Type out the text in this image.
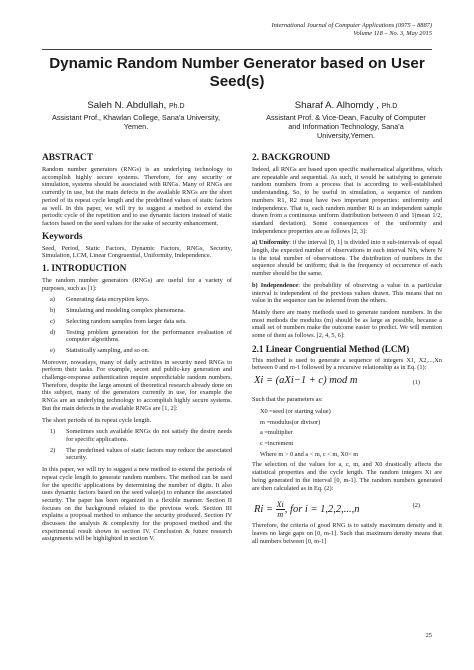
International Journal of Computer Applications (0975 – 8887)
Volume 118 – No. 3, May 2015
Dynamic Random Number Generator based on User Seed(s)
Saleh N. Abdullah, Ph.D
Assistant Prof., Khawlan College, Sana'a University,
Yemen.
Sharaf A. Alhomdy , Ph.D
Assistant Prof. & Vice-Dean, Faculty of Computer
and Information Technology, Sana'a
University,Yemen.
ABSTRACT

Random number generators (RNGs) is an underlying technology to accomplish highly secure systems. Therefore, for any security or simulation, systems should be associated with RNGs. Many of RNGs are currently in use, but the main defects in the available RNGs are the short period of its repeat cycle length and the predefined values of static factors as well. In this paper, we will try to suggest a method to extend the periodic cycle of the repetition and to use dynamic factors instead of static factors based on the seed values for the sake of security enhancement.

Keywords

Seed, Period, Static Factors, Dynamic Factors, RNGs, Security, Simulation, LCM, Linear Congruential, Uniformity, Independence.

1. INTRODUCTION

The random number generators (RNGs) are useful for a variety of purposes, such as [1]:

a) Generating data encryption keys.
b) Simulating and modeling complex phenomena.
c) Selecting random samples from larger data sets.
d) Testing problem generation for the performance evaluation of computer algorithms.
e) Statistically sampling, and so on.

Moreover, nowadays, many of daily activities in security need RNGs to perform their tasks. For example, secret and public-key generation and challenge-response authentication require unpredictable random numbers. Therefore, despite the large amount of theoretical research already done on this subject, many of the generators currently in use, for example the RNGs are an underlying technology to accomplish highly secure systems. But the main defects in the available RNGs are [1, 2]:

The short periods of its repeat cycle length.

1) Sometimes such available RNGs do not satisfy the desire needs for specific applications.
2) The predefined values of static factors may reduce the associated security.

In this paper, we will try to suggest a new method to extend the periods of repeat cycle length to generate random numbers. The method can be used for the specific applications by determining the number of digits. It also uses dynamic factors based on the seed value(s) to enhance the associated security. The paper has been organized in a flexible manner. Section II focuses on the background related to the previous work. Section III explains a proposal method to enhance the security produced. Section IV discusses the analysis & complexity for the proposed method and the experimental result shown in section IV. Conclusion & future research assignments will be highlighted in section V.

2. BACKGROUND

Indeed, all RNGs are based upon specific mathematical algorithms, which are repeatable and sequential. As such, it would be satisfying to generate random numbers from a process that is according to well-established understanding. So, to be useful in simulation, a sequence of random numbers R1, R2 must have two important properties: uniformity and independence. That is, each random number Ri is an independent sample drawn from a continuous uniform distribution between 0 and 1(mean 1/2, standard deviation). Some consequences of the uniformity and independence properties are as follows [2, 3]:

a) Uniformity: if the interval [0, 1] is divided into n sub-intervals of equal length, the expected number of observations in each interval N/n, where N is the total number of observations. The distribution of numbers in the sequence should be uniform; that is the frequency of occurrence of each number should be the same.

b) Independence: the probability of observing a value in a particular interval is independent of the previous values drawn. This means that no value in the sequence can be inferred from the others.

Mainly there are many methods used to generate random numbers. In the most methods the modulus (m) should be as large as possible, because a small set of numbers make the outcome easier to predict. We will mention some of them as follows. [2, 4, 5, 6]:

2.1 Linear Congruential Method (LCM)

This method is used to generate a sequence of integers X1, X2,...,Xn between 0 and m-1 followed by a recursive relationship as in Eq. (1):

Xi = (aXi−1 + c) mod m	(1)

Such that the parameters as:

X0 =seed (or starting value)
m =modulus(or divisor)
a =multiplier
c =increment
Where m > 0 and a < m, c < m, X0< m

The selection of the values for a, c, m, and X0 drastically affects the statistical properties and the cycle length. The random integers Xi are being generated in the interval [0, m-1]. The random numbers generated are then calculated as in Eq. (2):

$Ri = \frac{Xi}{m}$ , for i = 1,2,2,...,n	(2)

Therefore, the criteria of good RNG is to satisfy maximum density and it leaves no large gaps on [0, m-1]. Such that maximum density means that all numbers between [0, m-1]

25
